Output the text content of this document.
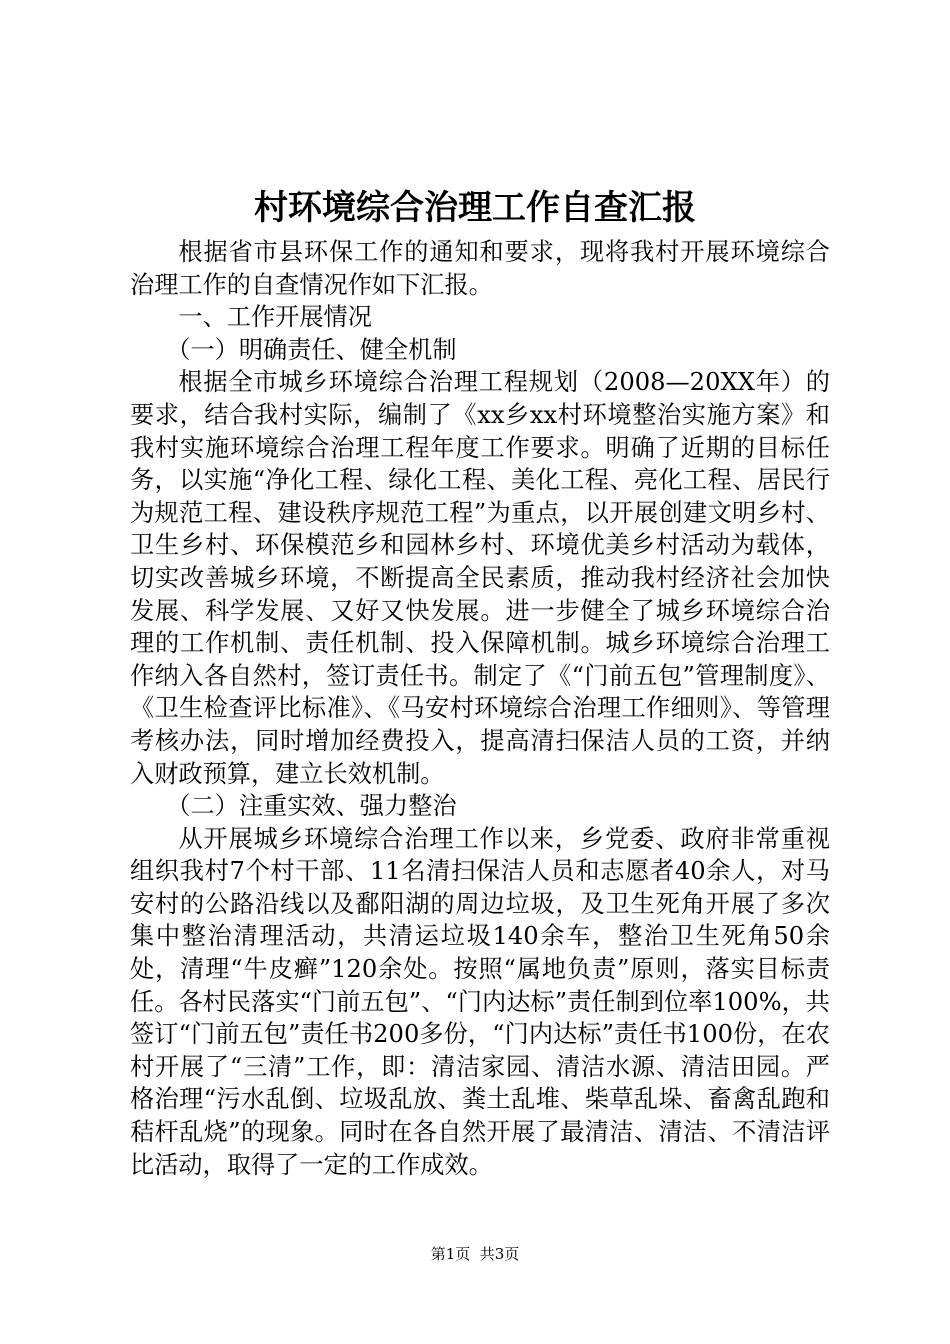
村环境综合治理工作自查汇报

根据省市县环保工作的通知和要求，现将我村开展环境综合治理工作的自查情况作如下汇报。

一、工作开展情况

（一）明确责任、健全机制

根据全市城乡环境综合治理工程规划（2008—20XX年）的要求，结合我村实际，编制了《xx乡xx村环境整治实施方案》和我村实施环境综合治理工程年度工作要求。明确了近期的目标任务，以实施“净化工程、绿化工程、美化工程、亮化工程、居民行为规范工程、建设秩序规范工程”为重点，以开展创建文明乡村、卫生乡村、环保模范乡和园林乡村、环境优美乡村活动为载体，切实改善城乡环境，不断提高全民素质，推动我村经济社会加快发展、科学发展、又好又快发展。进一步健全了城乡环境综合治理的工作机制、责任机制、投入保障机制。城乡环境综合治理工作纳入各自然村，签订责任书。制定了《“门前五包”管理制度》、《卫生检查评比标准》、《马安村环境综合治理工作细则》、等管理考核办法，同时增加经费投入，提高清扫保洁人员的工资，并纳入财政预算，建立长效机制。

（二）注重实效、强力整治

从开展城乡环境综合治理工作以来，乡党委、政府非常重视组织我村7个村干部、11名清扫保洁人员和志愿者40余人，对马安村的公路沿线以及鄱阳湖的周边垃圾，及卫生死角开展了多次集中整治清理活动，共清运垃圾140余车，整治卫生死角50余处，清理“牛皮癣”120余处。按照“属地负责”原则，落实目标责任。各村民落实“门前五包”、“门内达标”责任制到位率100%，共签订“门前五包”责任书200多份，“门内达标”责任书100份，在农村开展了“三清”工作，即：清洁家园、清洁水源、清洁田园。严格治理“污水乱倒、垃圾乱放、粪土乱堆、柴草乱垛、畜禽乱跑和秸杆乱烧”的现象。同时在各自然开展了最清洁、清洁、不清洁评比活动，取得了一定的工作成效。

第1页  共3页
